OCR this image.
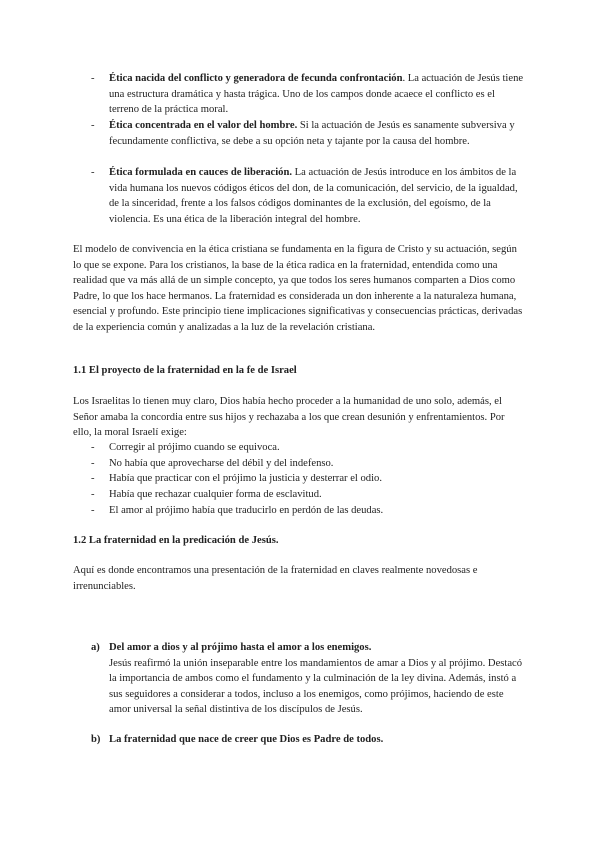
-	Ética nacida del conflicto y generadora de fecunda confrontación. La actuación de Jesús tiene una estructura dramática y hasta trágica. Uno de los campos donde acaece el conflicto es el terreno de la práctica moral.
-	Ética concentrada en el valor del hombre. Si la actuación de Jesús es sanamente subversiva y fecundamente conflictiva, se debe a su opción neta y tajante por la causa del hombre.
-	Ética formulada en cauces de liberación. La actuación de Jesús introduce en los ámbitos de la vida humana los nuevos códigos éticos del don, de la comunicación, del servicio, de la igualdad, de la sinceridad, frente a los falsos códigos dominantes de la exclusión, del egoísmo, de la violencia. Es una ética de la liberación integral del hombre.

El modelo de convivencia en la ética cristiana se fundamenta en la figura de Cristo y su actuación, según lo que se expone. Para los cristianos, la base de la ética radica en la fraternidad, entendida como una realidad que va más allá de un simple concepto, ya que todos los seres humanos comparten a Dios como Padre, lo que los hace hermanos. La fraternidad es considerada un don inherente a la naturaleza humana, esencial y profundo. Este principio tiene implicaciones significativas y consecuencias prácticas, derivadas de la experiencia común y analizadas a la luz de la revelación cristiana.

1.1 El proyecto de la fraternidad en la fe de Israel

Los Israelitas lo tienen muy claro, Dios había hecho proceder a la humanidad de uno solo, además, el Señor amaba la concordia entre sus hijos y rechazaba a los que crean desunión y enfrentamientos. Por ello, la moral Israelí exige:

-	Corregir al prójimo cuando se equivoca.
-	No había que aprovecharse del débil y del indefenso.
-	Había que practicar con el prójimo la justicia y desterrar el odio.
-	Había que rechazar cualquier forma de esclavitud.
-	El amor al prójimo había que traducirlo en perdón de las deudas.
1.2 La fraternidad en la predicación de Jesús.

Aquí es donde encontramos una presentación de la fraternidad en claves realmente novedosas e irrenunciables.

a) Del amor a dios y al prójimo hasta el amor a los enemigos.
Jesús reafirmó la unión inseparable entre los mandamientos de amar a Dios y al prójimo. Destacó la importancia de ambos como el fundamento y la culminación de la ley divina. Además, instó a sus seguidores a considerar a todos, incluso a los enemigos, como prójimos, haciendo de este amor universal la señal distintiva de los discípulos de Jesús.
b) La fraternidad que nace de creer que Dios es Padre de todos.
